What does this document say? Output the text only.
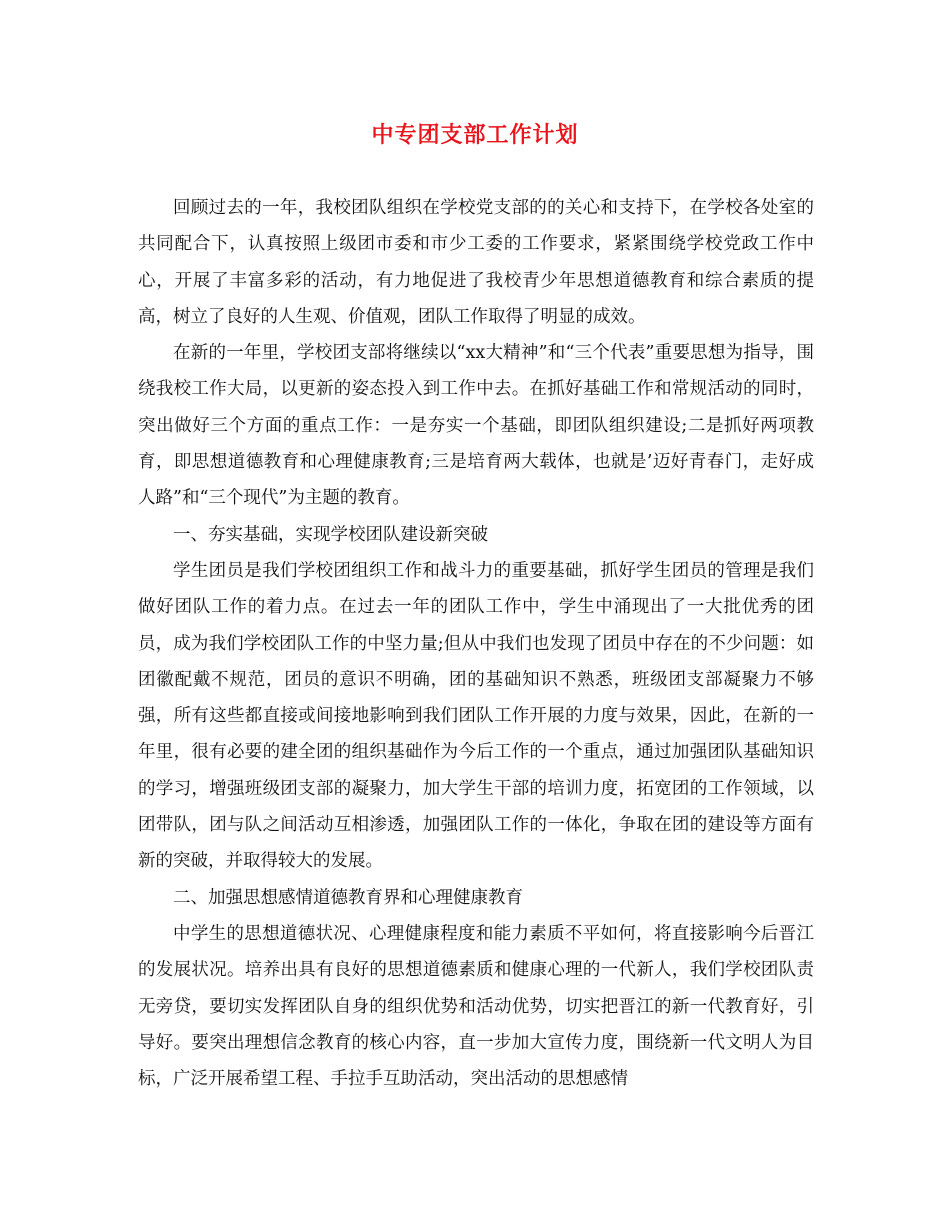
中专团支部工作计划

回顾过去的一年，我校团队组织在学校党支部的的关心和支持下，在学校各处室的共同配合下，认真按照上级团市委和市少工委的工作要求，紧紧围绕学校党政工作中心，开展了丰富多彩的活动，有力地促进了我校青少年思想道德教育和综合素质的提高，树立了良好的人生观、价值观，团队工作取得了明显的成效。

在新的一年里，学校团支部将继续以“xx大精神”和“三个代表”重要思想为指导，围绕我校工作大局，以更新的姿态投入到工作中去。在抓好基础工作和常规活动的同时，突出做好三个方面的重点工作：一是夯实一个基础，即团队组织建设;二是抓好两项教育，即思想道德教育和心理健康教育;三是培育两大载体，也就是’迈好青春门，走好成人路”和“三个现代”为主题的教育。

一、夯实基础，实现学校团队建设新突破

学生团员是我们学校团组织工作和战斗力的重要基础，抓好学生团员的管理是我们做好团队工作的着力点。在过去一年的团队工作中，学生中涌现出了一大批优秀的团员，成为我们学校团队工作的中坚力量;但从中我们也发现了团员中存在的不少问题：如团徽配戴不规范，团员的意识不明确，团的基础知识不熟悉，班级团支部凝聚力不够强，所有这些都直接或间接地影响到我们团队工作开展的力度与效果，因此，在新的一年里，很有必要的建全团的组织基础作为今后工作的一个重点，通过加强团队基础知识的学习，增强班级团支部的凝聚力，加大学生干部的培训力度，拓宽团的工作领域，以团带队，团与队之间活动互相渗透，加强团队工作的一体化，争取在团的建设等方面有新的突破，并取得较大的发展。

二、加强思想感情道德教育界和心理健康教育

中学生的思想道德状况、心理健康程度和能力素质不平如何，将直接影响今后晋江的发展状况。培养出具有良好的思想道德素质和健康心理的一代新人，我们学校团队责无旁贷，要切实发挥团队自身的组织优势和活动优势，切实把晋江的新一代教育好，引导好。要突出理想信念教育的核心内容，直一步加大宣传力度，围绕新一代文明人为目标，广泛开展希望工程、手拉手互助活动，突出活动的思想感情
